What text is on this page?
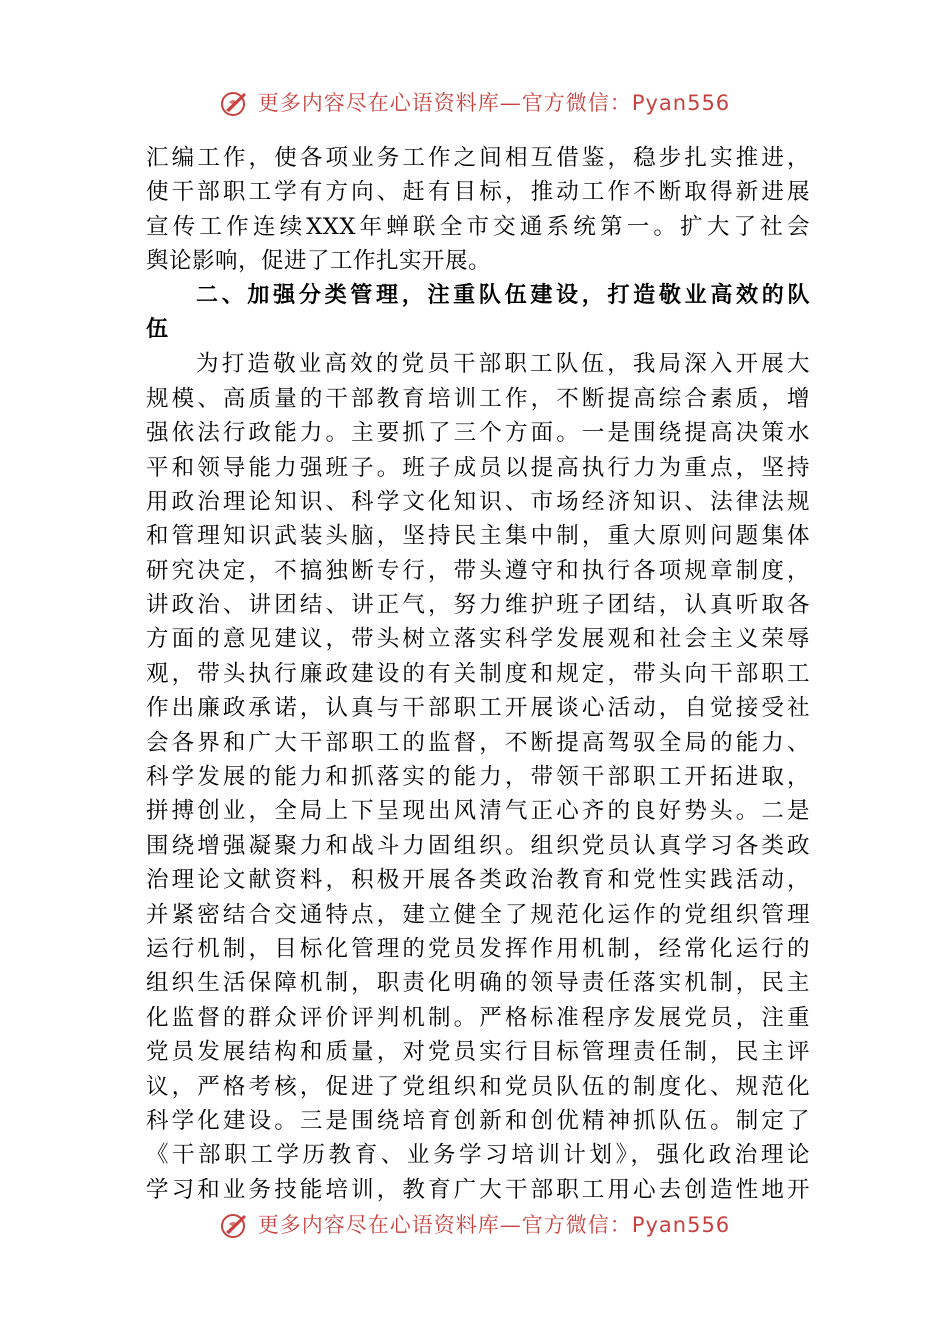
更多内容尽在心语资料库—官方微信：Pyan556
汇编工作，使各项业务工作之间相互借鉴，稳步扎实推进，
使干部职工学有方向、赶有目标，推动工作不断取得新进展
宣传工作连续XXX年蝉联全市交通系统第一。扩大了社会
舆论影响，促进了工作扎实开展。
二、加强分类管理，注重队伍建设，打造敬业高效的队
伍
为打造敬业高效的党员干部职工队伍，我局深入开展大
规模、高质量的干部教育培训工作，不断提高综合素质，增
强依法行政能力。主要抓了三个方面。一是围绕提高决策水
平和领导能力强班子。班子成员以提高执行力为重点，坚持
用政治理论知识、科学文化知识、市场经济知识、法律法规
和管理知识武装头脑，坚持民主集中制，重大原则问题集体
研究决定，不搞独断专行，带头遵守和执行各项规章制度，
讲政治、讲团结、讲正气，努力维护班子团结，认真听取各
方面的意见建议，带头树立落实科学发展观和社会主义荣辱
观，带头执行廉政建设的有关制度和规定，带头向干部职工
作出廉政承诺，认真与干部职工开展谈心活动，自觉接受社
会各界和广大干部职工的监督，不断提高驾驭全局的能力、
科学发展的能力和抓落实的能力，带领干部职工开拓进取，
拼搏创业，全局上下呈现出风清气正心齐的良好势头。二是
围绕增强凝聚力和战斗力固组织。组织党员认真学习各类政
治理论文献资料，积极开展各类政治教育和党性实践活动，
并紧密结合交通特点，建立健全了规范化运作的党组织管理
运行机制，目标化管理的党员发挥作用机制，经常化运行的
组织生活保障机制，职责化明确的领导责任落实机制，民主
化监督的群众评价评判机制。严格标准程序发展党员，注重
党员发展结构和质量，对党员实行目标管理责任制，民主评
议，严格考核，促进了党组织和党员队伍的制度化、规范化
科学化建设。三是围绕培育创新和创优精神抓队伍。制定了
《干部职工学历教育、业务学习培训计划》，强化政治理论
学习和业务技能培训，教育广大干部职工用心去创造性地开
更多内容尽在心语资料库—官方微信：Pyan556
